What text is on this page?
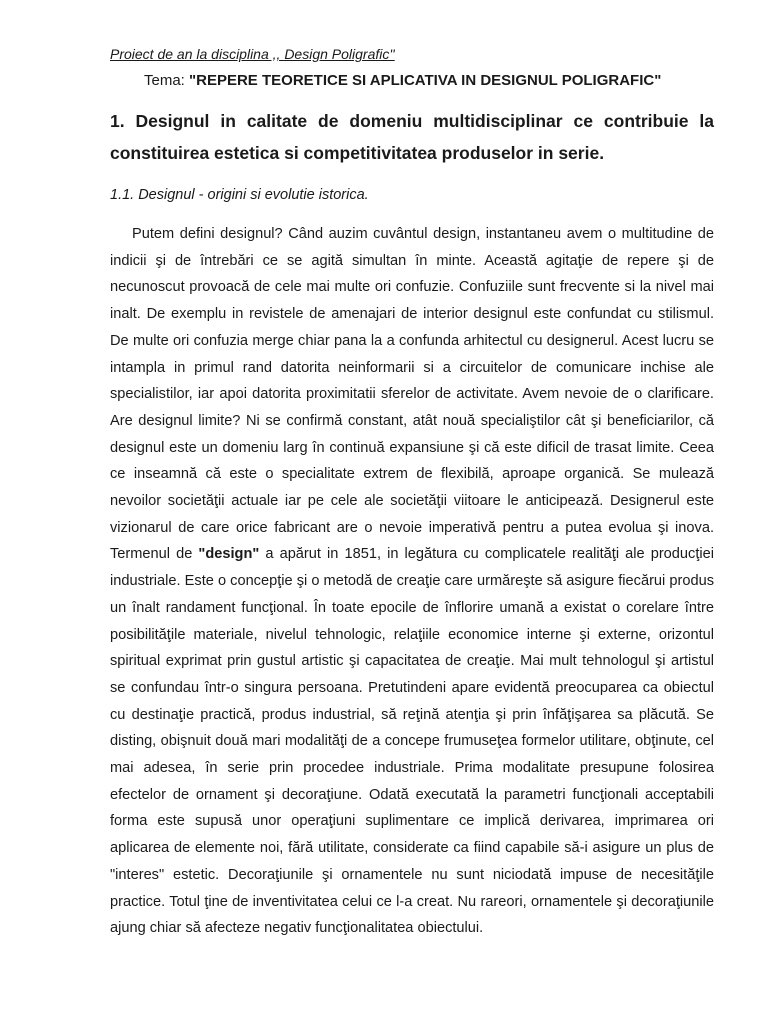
Proiect de an la disciplina ,, Design Poligrafic''

Tema: "REPERE TEORETICE SI APLICATIVA IN DESIGNUL POLIGRAFIC"

1. Designul in calitate de domeniu multidisciplinar ce contribuie la constituirea estetica si competitivitatea produselor in serie.

1.1. Designul - origini si evolutie istorica.

Putem defini designul? Când auzim cuvântul design, instantaneu avem o multitudine de indicii şi de întrebări ce se agită simultan în minte. Această agitaţie de repere şi de necunoscut provoacă de cele mai multe ori confuzie. Confuziile sunt frecvente si la nivel mai inalt. De exemplu in revistele de amenajari de interior designul este confundat cu stilismul. De multe ori confuzia merge chiar pana la a confunda arhitectul cu designerul. Acest lucru se intampla in primul rand datorita neinformarii si a circuitelor de comunicare inchise ale specialistilor, iar apoi datorita proximitatii sferelor de activitate. Avem nevoie de o clarificare. Are designul limite? Ni se confirmă constant, atât nouă specialiştilor cât şi beneficiarilor, că designul este un domeniu larg în continuă expansiune şi că este dificil de trasat limite. Ceea ce inseamnă că este o specialitate extrem de flexibilă, aproape organică. Se mulează nevoilor societăţii actuale iar pe cele ale societăţii viitoare le anticipează. Designerul este vizionarul de care orice fabricant are o nevoie imperativă pentru a putea evolua şi inova. Termenul de "design" a apărut in 1851, in legătura cu complicatele realităţi ale producţiei industriale. Este o concepţie şi o metodă de creaţie care urmăreşte să asigure fiecărui produs un înalt randament funcţional. În toate epocile de înflorire umană a existat o corelare între posibilităţile materiale, nivelul tehnologic, relaţiile economice interne şi externe, orizontul spiritual exprimat prin gustul artistic şi capacitatea de creaţie. Mai mult tehnologul şi artistul se confundau într-o singura persoana. Pretutindeni apare evidentă preocuparea ca obiectul cu destinaţie practică, produs industrial, să reţină atenţia şi prin înfăţişarea sa plăcută. Se disting, obişnuit două mari modalităţi de a concepe frumuseţea formelor utilitare, obţinute, cel mai adesea, în serie prin procedee industriale. Prima modalitate presupune folosirea efectelor de ornament şi decoraţiune. Odată executată la parametri funcţionali acceptabili forma este supusă unor operaţiuni suplimentare ce implică derivarea, imprimarea ori aplicarea de elemente noi, fără utilitate, considerate ca fiind capabile să-i asigure un plus de "interes" estetic. Decoraţiunile şi ornamentele nu sunt niciodată impuse de necesităţile practice. Totul ţine de inventivitatea celui ce l-a creat. Nu rareori, ornamentele şi decoraţiunile ajung chiar să afecteze negativ funcţionalitatea obiectului.
